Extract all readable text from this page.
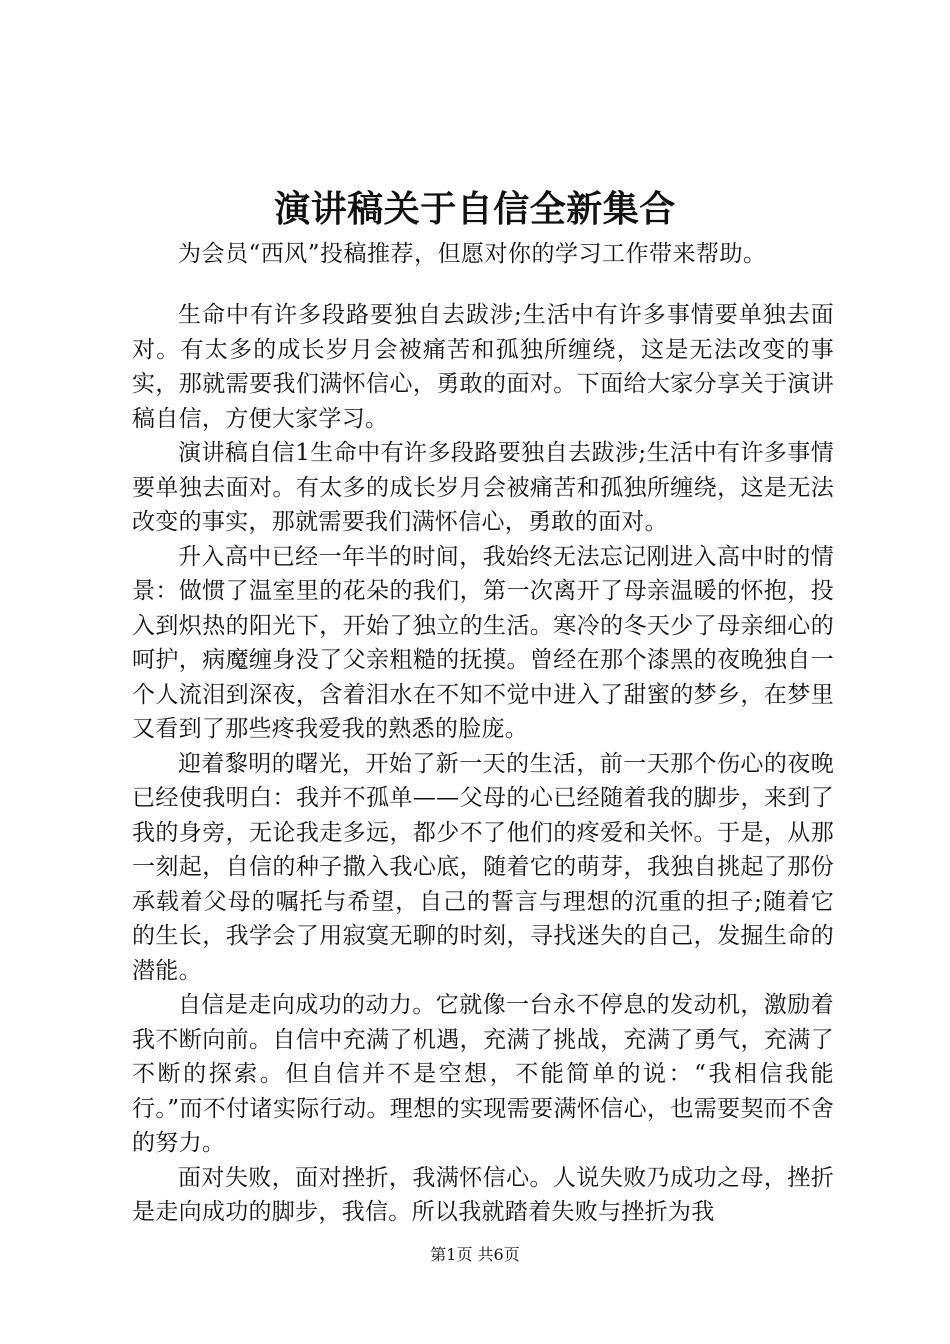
演讲稿关于自信全新集合
为会员“西风”投稿推荐，但愿对你的学习工作带来帮助。

生命中有许多段路要独自去跋涉;生活中有许多事情要单独去面对。有太多的成长岁月会被痛苦和孤独所缠绕，这是无法改变的事实，那就需要我们满怀信心，勇敢的面对。下面给大家分享关于演讲稿自信，方便大家学习。

演讲稿自信1生命中有许多段路要独自去跋涉;生活中有许多事情要单独去面对。有太多的成长岁月会被痛苦和孤独所缠绕，这是无法改变的事实，那就需要我们满怀信心，勇敢的面对。

升入高中已经一年半的时间，我始终无法忘记刚进入高中时的情景：做惯了温室里的花朵的我们，第一次离开了母亲温暖的怀抱，投入到炽热的阳光下，开始了独立的生活。寒冷的冬天少了母亲细心的呵护，病魔缠身没了父亲粗糙的抚摸。曾经在那个漆黑的夜晚独自一个人流泪到深夜，含着泪水在不知不觉中进入了甜蜜的梦乡，在梦里又看到了那些疼我爱我的熟悉的脸庞。

迎着黎明的曙光，开始了新一天的生活，前一天那个伤心的夜晚已经使我明白：我并不孤单——父母的心已经随着我的脚步，来到了我的身旁，无论我走多远，都少不了他们的疼爱和关怀。于是，从那一刻起，自信的种子撒入我心底，随着它的萌芽，我独自挑起了那份承载着父母的嘱托与希望，自己的誓言与理想的沉重的担子;随着它的生长，我学会了用寂寞无聊的时刻，寻找迷失的自己，发掘生命的潜能。

自信是走向成功的动力。它就像一台永不停息的发动机，激励着我不断向前。自信中充满了机遇，充满了挑战，充满了勇气，充满了不断的探索。但自信并不是空想，不能简单的说：“我相信我能行。”而不付诸实际行动。理想的实现需要满怀信心，也需要契而不舍的努力。

面对失败，面对挫折，我满怀信心。人说失败乃成功之母，挫折是走向成功的脚步，我信。所以我就踏着失败与挫折为我

第1页 共6页
